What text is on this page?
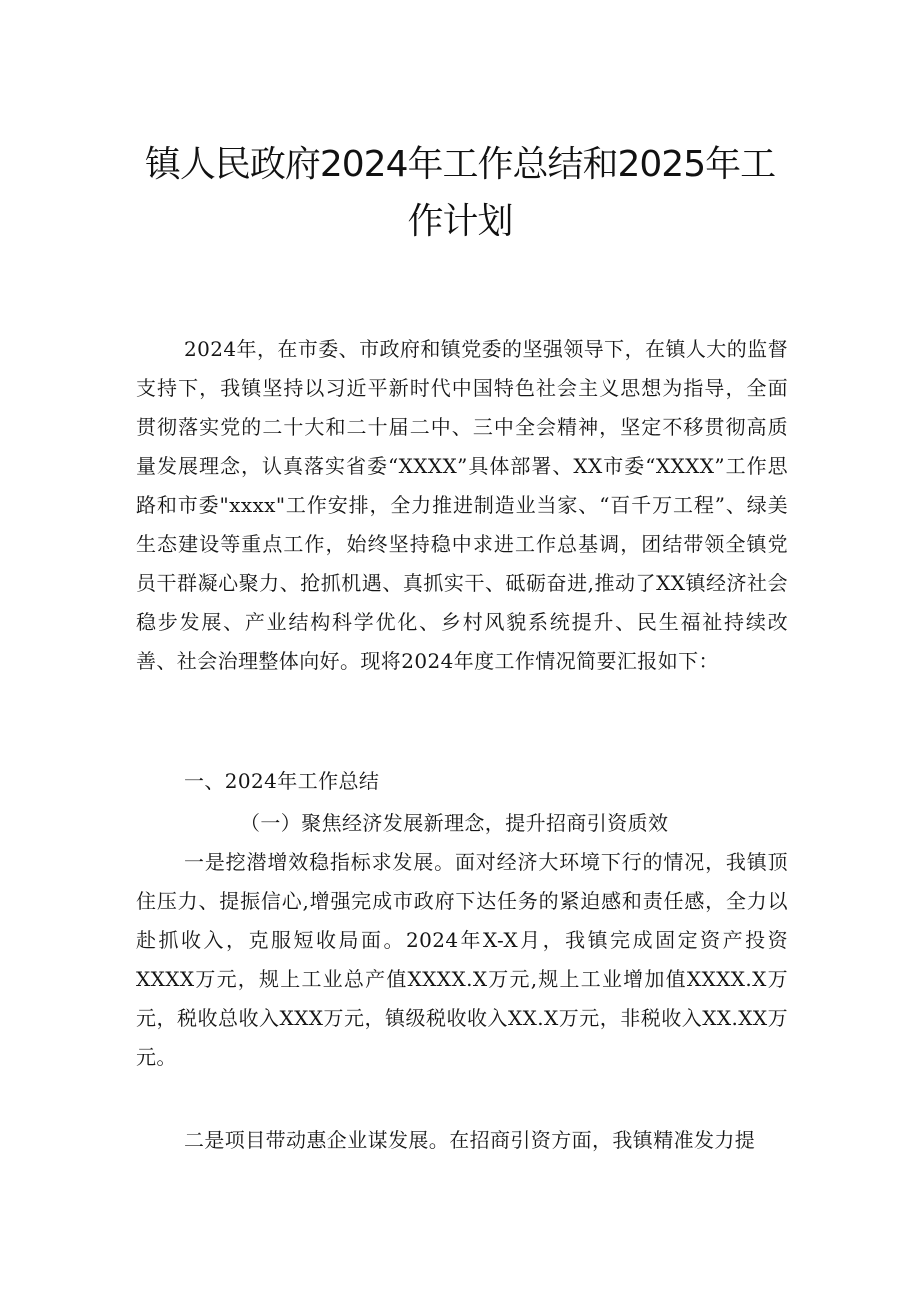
镇人民政府2024年工作总结和2025年工
作计划

2024年，在市委、市政府和镇党委的坚强领导下，在镇人大的监督支持下，我镇坚持以习近平新时代中国特色社会主义思想为指导，全面贯彻落实党的二十大和二十届二中、三中全会精神，坚定不移贯彻高质量发展理念，认真落实省委“XXXX”具体部署、XX市委“XXXX”工作思路和市委"xxxx"工作安排，全力推进制造业当家、“百千万工程”、绿美生态建设等重点工作，始终坚持稳中求进工作总基调，团结带领全镇党员干群凝心聚力、抢抓机遇、真抓实干、砥砺奋进,推动了XX镇经济社会稳步发展、产业结构科学优化、乡村风貌系统提升、民生福祉持续改善、社会治理整体向好。现将2024年度工作情况简要汇报如下：

一、2024年工作总结

（一）聚焦经济发展新理念，提升招商引资质效

一是挖潜增效稳指标求发展。面对经济大环境下行的情况，我镇顶住压力、提振信心,增强完成市政府下达任务的紧迫感和责任感，全力以赴抓收入，克服短收局面。2024年X-X月，我镇完成固定资产投资XXXX万元，规上工业总产值XXXX.X万元,规上工业增加值XXXX.X万元，税收总收入XXX万元，镇级税收收入XX.X万元，非税收入XX.XX万元。

二是项目带动惠企业谋发展。在招商引资方面，我镇精准发力提
